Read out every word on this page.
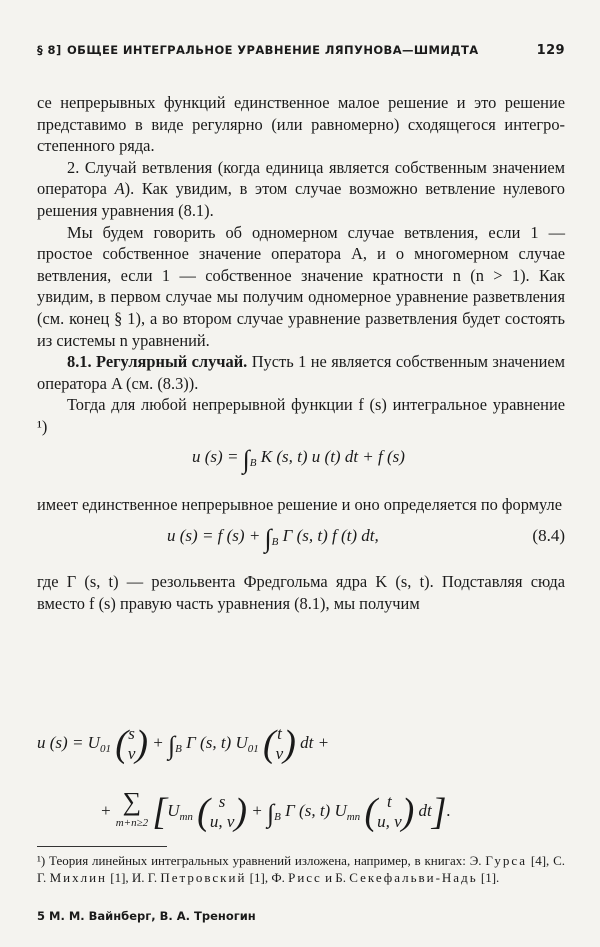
§ 8] ОБЩЕЕ ИНТЕГРАЛЬНОЕ УРАВНЕНИЕ ЛЯПУНОВА—ШМИДТА	129

се непрерывных функций единственное малое решение и это решение представимо в виде регулярно (или равномерно) сходящегося интегро-степенного ряда.

2. Случай ветвления (когда единица является собственным значением оператора A). Как увидим, в этом случае возможно ветвление нулевого решения уравнения (8.1).

Мы будем говорить об одномерном случае ветвления, если 1 — простое собственное значение оператора A, и о многомерном случае ветвления, если 1 — собственное значение кратности n (n > 1). Как увидим, в первом случае мы получим одномерное уравнение разветвления (см. конец § 1), а во втором случае уравнение разветвления будет состоять из системы n уравнений.

8.1. Регулярный случай. Пусть 1 не является собственным значением оператора A (см. (8.3)).

Тогда для любой непрерывной функции f (s) интегральное уравнение ¹)

u $(s) = \int_B$ K (s, t) u (t) dt + f (s)

имеет единственное непрерывное решение и оно определяется по формуле

u (s) = f $(s) + \int_B$ Γ (s, t) f (t) dt,	(8.4)

где Γ (s, t) — резольвента Фредгольма ядра K (s, t). Подставляя сюда вместо f (s) правую часть уравнения (8.1), мы получим

u $(s) = U_{01}$ (s
$v) + \int_B$ Γ (s, t) $U_{01}$ (t
v) dt +
+ ∑
m+n≥2 [$U_{mn}$ ( s
u, $v) + \int_B$ Γ (s, t) $U_{mn}$ ( t
u, v) dt].
¹) Теория линейных интегральных уравнений изложена, например, в книгах: Э. Гурса [4], С. Г. Михлин [1], И. Г. Петровский [1], Ф. Рисс и Б. Секефальви-Надь [1].
5 М. М. Вайнберг, В. А. Треногин
